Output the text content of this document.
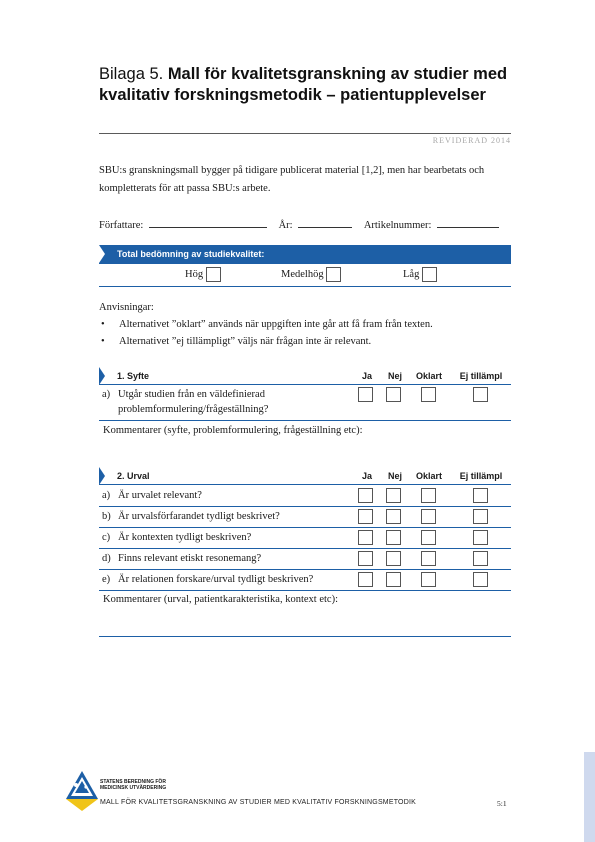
Bilaga 5. Mall för kvalitetsgranskning av studier med kvalitativ forskningsmetodik – patientupplevelser
REVIDERAD 2014
SBU:s granskningsmall bygger på tidigare publicerat material [1,2], men har bearbetats och kompletterats för att passa SBU:s arbete.
Författare:	År:	Artikelnummer:
Total bedömning av studiekvalitet:
Hög	Medelhög	Låg
Anvisningar:
• Alternativet ”oklart” används när uppgiften inte går att få fram från texten.
• Alternativet ”ej tillämpligt” väljs när frågan inte är relevant.
1. Syfte	Ja	Nej	Oklart	Ej tillämpl
a) Utgår studien från en väldefinierad
problemformulering/frågeställning?
Kommentarer (syfte, problemformulering, frågeställning etc):
2. Urval	Ja	Nej	Oklart	Ej tillämpl
a) Är urvalet relevant?
b) Är urvalsförfarandet tydligt beskrivet?
c) Är kontexten tydligt beskriven?
d) Finns relevant etiskt resonemang?
e) Är relationen forskare/urval tydligt beskriven?
Kommentarer (urval, patientkarakteristika, kontext etc):
STATENS BEREDNING FÖR
MEDICINSK UTVÄRDERING
MALL FÖR KVALITETSGRANSKNING AV STUDIER MED KVALITATIV FORSKNINGSMETODIK	5:1
